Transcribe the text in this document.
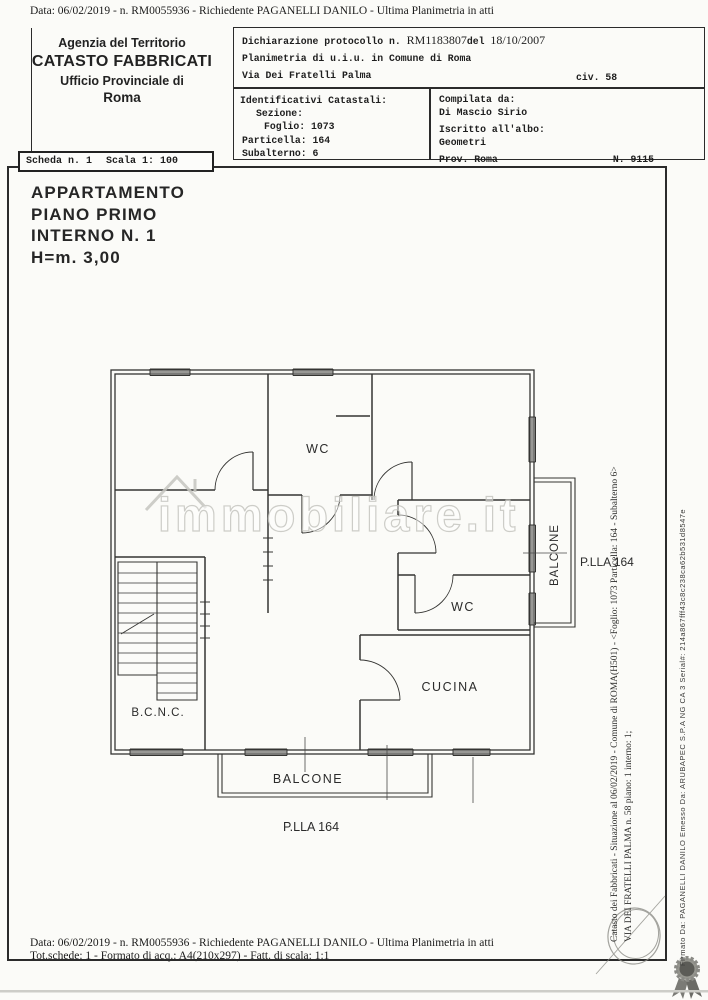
Data: 06/02/2019 - n. RM0055936 - Richiedente PAGANELLI DANILO - Ultima Planimetria in atti
Agenzia del Territorio
CATASTO FABBRICATI
Ufficio Provinciale di
Roma
Dichiarazione protocollo n. RM1183807del 18/10/2007
Planimetria di u.i.u. in Comune di Roma
Via Dei Fratelli Palma	civ. 58
Identificativi Catastali:
Sezione:
Foglio: 1073
Particella: 164
Subalterno: 6
Compilata da:
Di Mascio Sirio
Iscritto all'albo:
Geometri
Prov. Roma	N. 9115
Scheda n. 1 Scala 1: 100
APPARTAMENTO
PIANO PRIMO
INTERNO N. 1
H=m. 3,00
Catasto dei Fabbricati - Situazione al 06/02/2019 - Comune di ROMA(H501) - <Foglio: 1073 Particella: 164 - Subalterno 6> VIA DEI FRATELLI PALMA n. 58 piano: 1 interno: 1;	Firmato Da: PAGANELLI DANILO Emesso Da: ARUBAPEC S.P.A NG CA 3 Serial#: 214a867fff43c8c238ca62b531d8547e
Data: 06/02/2019 - n. RM0055936 - Richiedente PAGANELLI DANILO - Ultima Planimetria in atti
Tot.schede: 1 - Formato di acq.: A4(210x297) - Fatt. di scala: 1:1
WC
WC
CUCINA
B.C.N.C.
BALCONE
BALCONE
P.LLA 164
P.LLA 164
immobiliare.it
